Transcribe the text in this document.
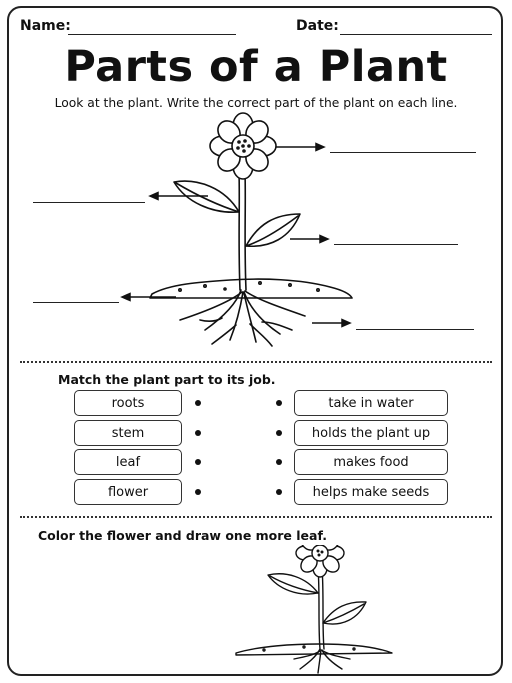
Name:	Date:
Parts of a Plant
Look at the plant. Write the correct part of the plant on each line.
Match the plant part to its job.
roots
stem
leaf
flower
take in water
holds the plant up
makes food
helps make seeds
Color the flower and draw one more leaf.
